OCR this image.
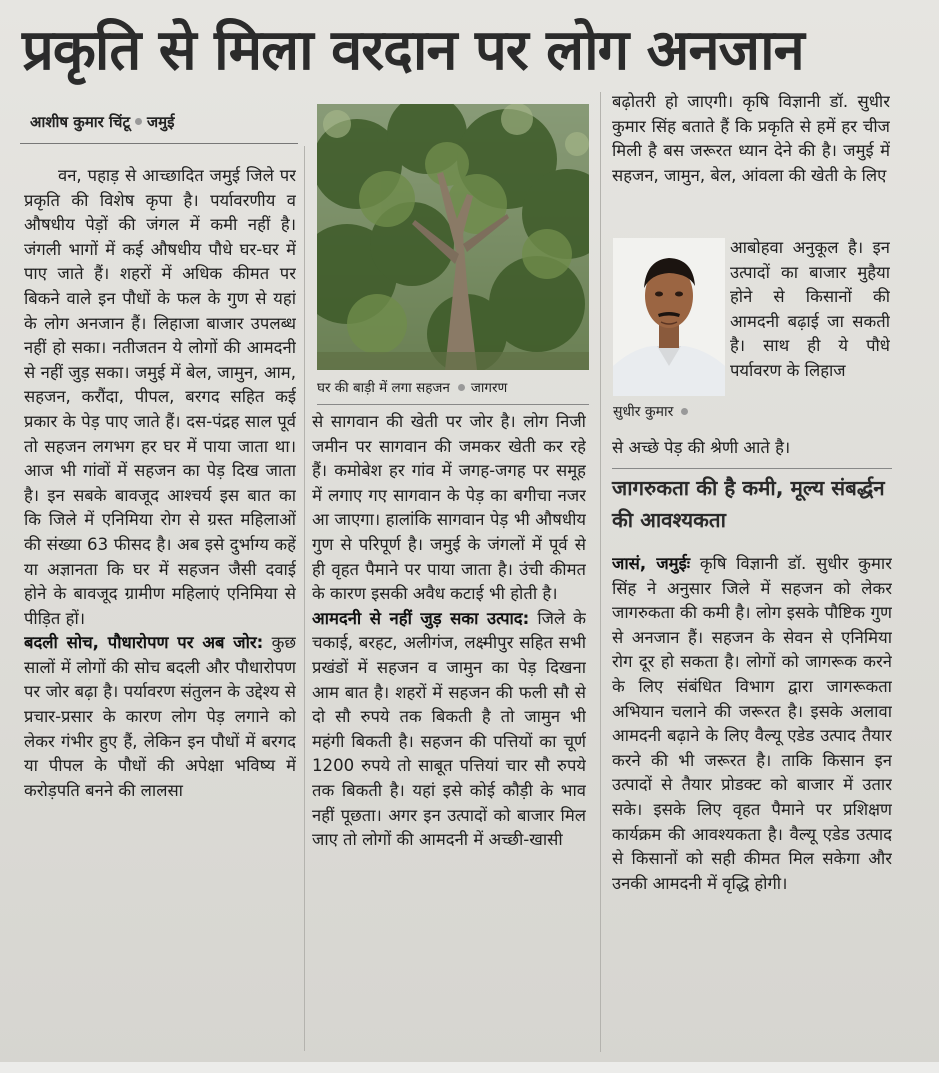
प्रकृति से मिला वरदान पर लोग अनजान
आशीष कुमार चिंटू जमुई

वन, पहाड़ से आच्छादित जमुई जिले पर प्रकृति की विशेष कृपा है। पर्यावरणीय व औषधीय पेड़ों की जंगल में कमी नहीं है। जंगली भागों में कई औषधीय पौधे घर-घर में पाए जाते हैं। शहरों में अधिक कीमत पर बिकने वाले इन पौधों के फल के गुण से यहां के लोग अनजान हैं। लिहाजा बाजार उपलब्ध नहीं हो सका। नतीजतन ये लोगों की आमदनी से नहीं जुड़ सका। जमुई में बेल, जामुन, आम, सहजन, करौंदा, पीपल, बरगद सहित कई प्रकार के पेड़ पाए जाते हैं। दस-पंद्रह साल पूर्व तो सहजन लगभग हर घर में पाया जाता था। आज भी गांवों में सहजन का पेड़ दिख जाता है। इन सबके बावजूद आश्चर्य इस बात का कि जिले में एनिमिया रोग से ग्रस्त महिलाओं की संख्या 63 फीसद है। अब इसे दुर्भाग्य कहें या अज्ञानता कि घर में सहजन जैसी दवाई होने के बावजूद ग्रामीण महिलाएं एनिमिया से पीड़ित हों।

बदली सोच, पौधारोपण पर अब जोर: कुछ सालों में लोगों की सोच बदली और पौधारोपण पर जोर बढ़ा है। पर्यावरण संतुलन के उद्देश्य से प्रचार-प्रसार के कारण लोग पेड़ लगाने को लेकर गंभीर हुए हैं, लेकिन इन पौधों में बरगद या पीपल के पौधों की अपेक्षा भविष्य में करोड़पति बनने की लालसा

घर की बाड़ी में लगा सहजन जागरण

से सागवान की खेती पर जोर है। लोग निजी जमीन पर सागवान की जमकर खेती कर रहे हैं। कमोबेश हर गांव में जगह-जगह पर समूह में लगाए गए सागवान के पेड़ का बगीचा नजर आ जाएगा। हालांकि सागवान पेड़ भी औषधीय गुण से परिपूर्ण है। जमुई के जंगलों में पूर्व से ही वृहत पैमाने पर पाया जाता है। उंची कीमत के कारण इसकी अवैध कटाई भी होती है।

आमदनी से नहीं जुड़ सका उत्पाद: जिले के चकाई, बरहट, अलीगंज, लक्ष्मीपुर सहित सभी प्रखंडों में सहजन व जामुन का पेड़ दिखना आम बात है। शहरों में सहजन की फली सौ से दो सौ रुपये तक बिकती है तो जामुन भी महंगी बिकती है। सहजन की पत्तियों का चूर्ण 1200 रुपये तो साबूत पत्तियां चार सौ रुपये तक बिकती है। यहां इसे कोई कौड़ी के भाव नहीं पूछता। अगर इन उत्पादों को बाजार मिल जाए तो लोगों की आमदनी में अच्छी-खासी

बढ़ोतरी हो जाएगी। कृषि विज्ञानी डॉ. सुधीर कुमार सिंह बताते हैं कि प्रकृति से हमें हर चीज मिली है बस जरूरत ध्यान देने की है। जमुई में सहजन, जामुन, बेल, आंवला की खेती के लिए

सुधीर कुमार

आबोहवा अनुकूल है। इन उत्पादों का बाजार मुहैया होने से किसानों की आमदनी बढ़ाई जा सकती है। साथ ही ये पौधे पर्यावरण के लिहाज

से अच्छे पेड़ की श्रेणी आते है।

जागरुकता की है कमी, मूल्य संबर्द्धन की आवश्यकता

जासं, जमुईः कृषि विज्ञानी डॉ. सुधीर कुमार सिंह ने अनुसार जिले में सहजन को लेकर जागरुकता की कमी है। लोग इसके पौष्टिक गुण से अनजान हैं। सहजन के सेवन से एनिमिया रोग दूर हो सकता है। लोगों को जागरूक करने के लिए संबंधित विभाग द्वारा जागरूकता अभियान चलाने की जरूरत है। इसके अलावा आमदनी बढ़ाने के लिए वैल्यू एडेड उत्पाद तैयार करने की भी जरूरत है। ताकि किसान इन उत्पादों से तैयार प्रोडक्ट को बाजार में उतार सके। इसके लिए वृहत पैमाने पर प्रशिक्षण कार्यक्रम की आवश्यकता है। वैल्यू एडेड उत्पाद से किसानों को सही कीमत मिल सकेगा और उनकी आमदनी में वृद्धि होगी।
